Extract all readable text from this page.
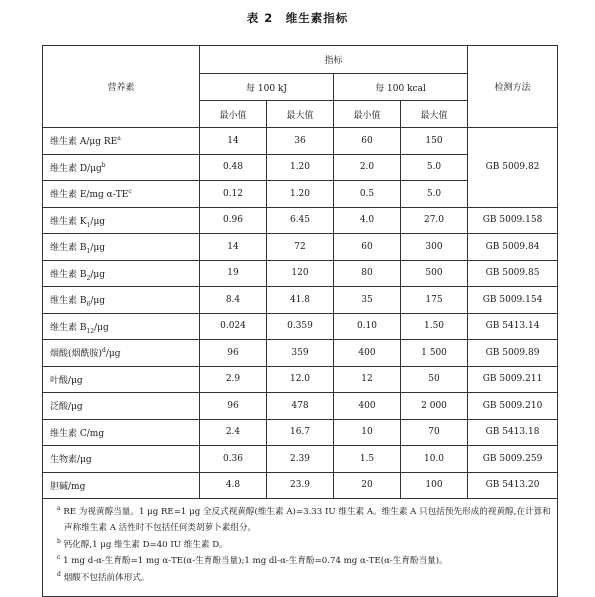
表 2　维生素指标
营养素	指标				检测方法
	每 100 kJ		每 100 kcal		
	最小值	最大值	最小值	最大值	
维生素 A/μg $RE^a$	14	36	60	150	GB 5009.82
维生素 $D/\mu g^b$	0.48	1.20	2.0	5.0	
维生素 E/mg $\alpha-TE^c$	0.12	1.20	0.5	5.0	
维生素 $K_1/\mu g$	0.96	6.45	4.0	27.0	GB 5009.158
维生素 $B_1/\mu g$	14	72	60	300	GB 5009.84
维生素 $B_2/\mu g$	19	120	80	500	GB 5009.85
维生素 $B_6/\mu g$	8.4	41.8	35	175	GB 5009.154
维生素 $B_{12}/\mu g$	0.024	0.359	0.10	1.50	GB 5413.14
烟酸(烟酰胺)$^d$/μg	96	359	400	1 500	GB 5009.89
叶酸/μg	2.9	12.0	12	50	GB 5009.211
泛酸/μg	96	478	400	2 000	GB 5009.210
维生素 C/mg	2.4	16.7	10	70	GB 5413.18
生物素/μg	0.36	2.39	1.5	10.0	GB 5009.259
胆碱/mg	4.8	23.9	20	100	GB 5413.20

$^a$ RE 为视黄醇当量。1 μg RE=1 μg 全反式视黄醇(维生素 A)=3.33 IU 维生素 A。维生素 A 只包括预先形成的视黄醇,在计算和声称维生素 A 活性时不包括任何类胡萝卜素组分。
$^b$ 钙化醇,1 μg 维生素 D=40 IU 维生素 D。
$^c$ 1 mg d-α-生育酚=1 mg α-TE(α-生育酚当量);1 mg dl-α-生育酚=0.74 mg α-TE(α-生育酚当量)。
$^d$ 烟酸不包括前体形式。					
